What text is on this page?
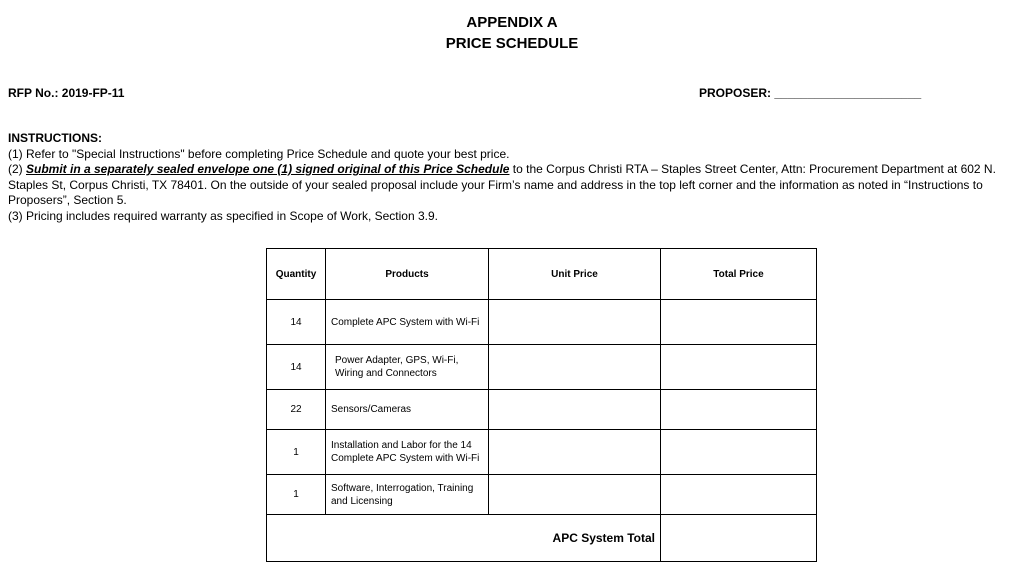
APPENDIX A
PRICE SCHEDULE
RFP No.: 2019-FP-11	PROPOSER: ______________________
INSTRUCTIONS:
(1) Refer to "Special Instructions" before completing Price Schedule and quote your best price.
(2) Submit in a separately sealed envelope one (1) signed original of this Price Schedule to the Corpus Christi RTA – Staples Street Center, Attn: Procurement Department at 602 N. Staples St, Corpus Christi, TX 78401. On the outside of your sealed proposal include your Firm’s name and address in the top left corner and the information as noted in “Instructions to Proposers”, Section 5.
(3) Pricing includes required warranty as specified in Scope of Work, Section 3.9.
Quantity	Products	Unit Price	Total Price
14	Complete APC System with Wi-Fi		
14	Power Adapter, GPS, Wi-Fi, Wiring and Connectors		
22	Sensors/Cameras		
1	Installation and Labor for the 14 Complete APC System with Wi-Fi		
1	Software, Interrogation, Training and Licensing		
APC System Total			
